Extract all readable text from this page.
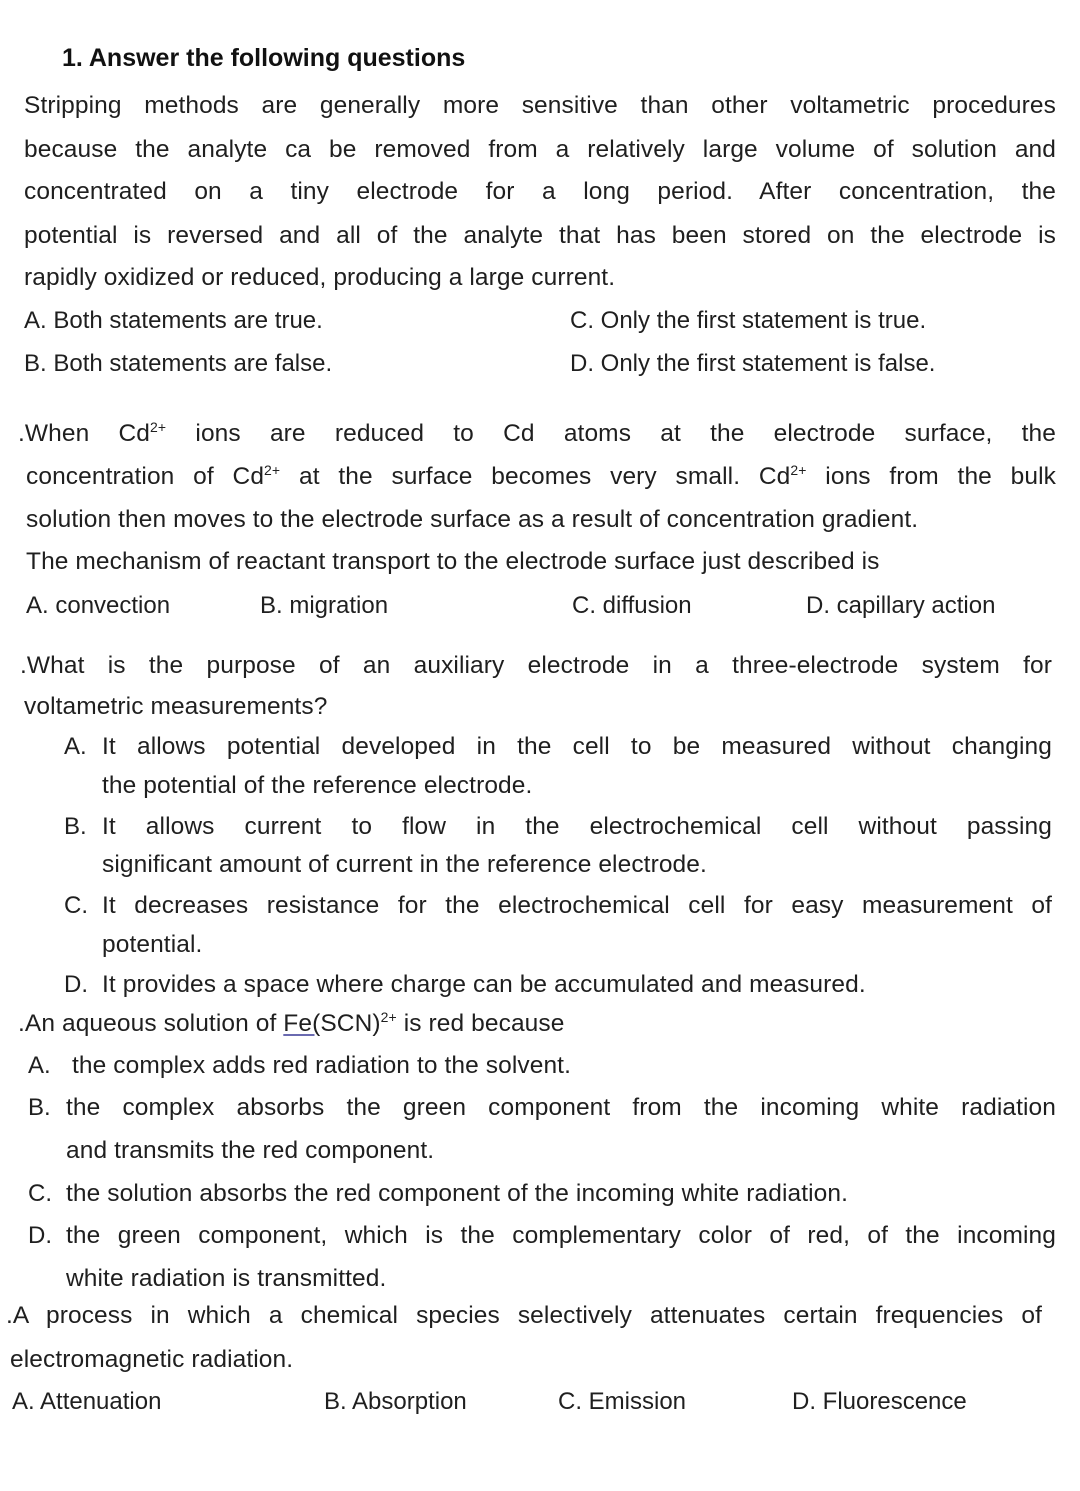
1. Answer the following questions
Stripping methods are generally more sensitive than other voltametric procedures
because the analyte ca be removed from a relatively large volume of solution and
concentrated on a tiny electrode for a long period. After concentration, the
potential is reversed and all of the analyte that has been stored on the electrode is
rapidly oxidized or reduced, producing a large current.
A. Both statements are true.	C. Only the first statement is true.
B. Both statements are false.	D. Only the first statement is false.
.When $Cd^{2+}$ ions are reduced to Cd atoms at the electrode surface, the
concentration of $Cd^{2+}$ at the surface becomes very small. $Cd^{2+}$ ions from the bulk
solution then moves to the electrode surface as a result of concentration gradient.
The mechanism of reactant transport to the electrode surface just described is
A. convection	B. migration	C. diffusion	D. capillary action
.What is the purpose of an auxiliary electrode in a three-electrode system for
voltametric measurements?
A. It allows potential developed in the cell to be measured without changing
the potential of the reference electrode.
B. It allows current to flow in the electrochemical cell without passing
significant amount of current in the reference electrode.
C. It decreases resistance for the electrochemical cell for easy measurement of
potential.
D. It provides a space where charge can be accumulated and measured.
.An aqueous solution of Fe(SCN)$^{2+}$ is red because
A. the complex adds red radiation to the solvent.
B. the complex absorbs the green component from the incoming white radiation
and transmits the red component.
C. the solution absorbs the red component of the incoming white radiation.
D. the green component, which is the complementary color of red, of the incoming
white radiation is transmitted.
.A process in which a chemical species selectively attenuates certain frequencies of
electromagnetic radiation.
A. Attenuation	B. Absorption	C. Emission	D. Fluorescence
